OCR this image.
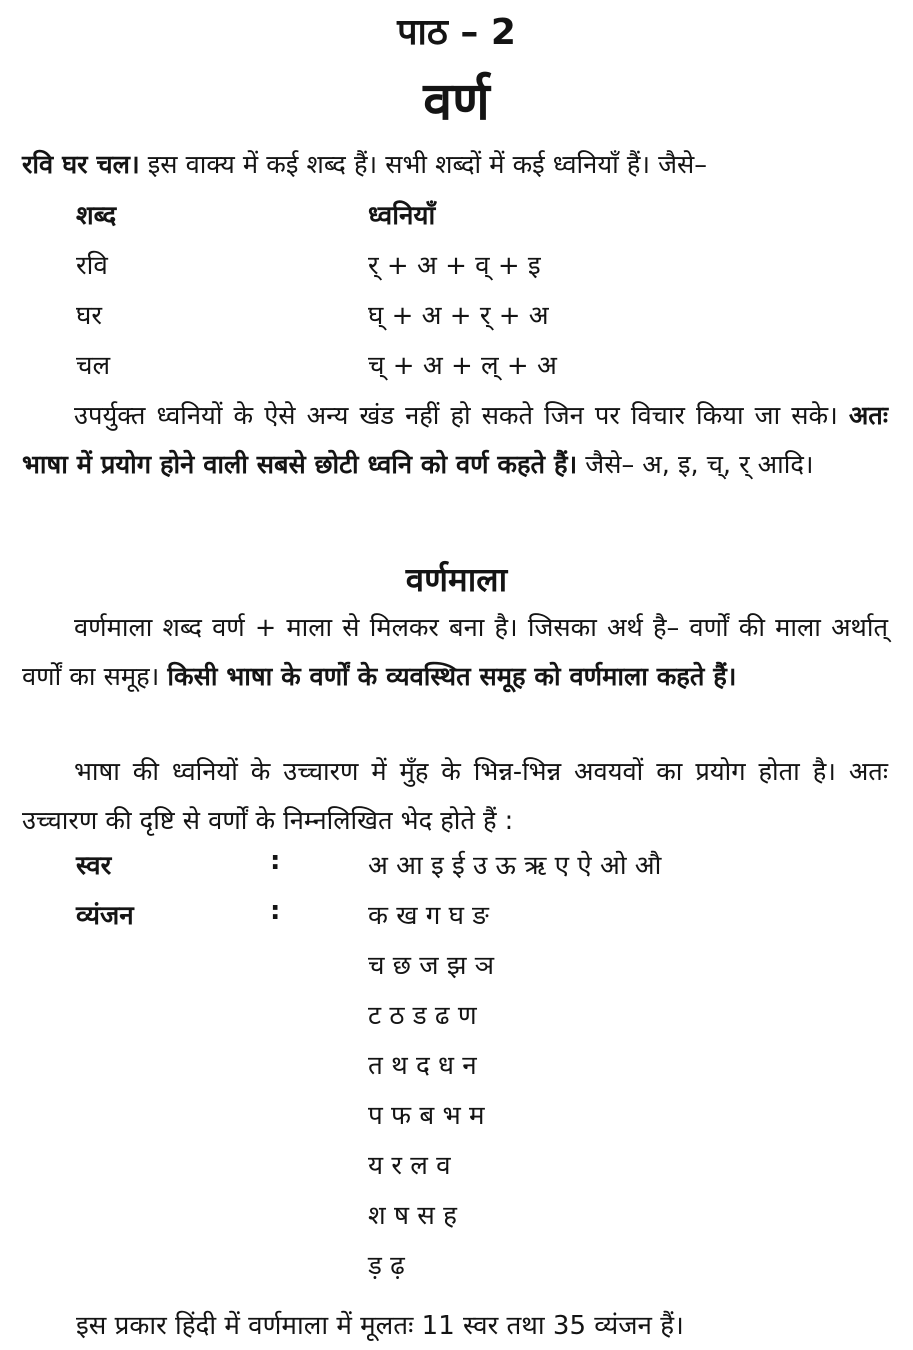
पाठ – 2
वर्ण
रवि घर चल। इस वाक्य में कई शब्द हैं। सभी शब्दों में कई ध्वनियाँ हैं। जैसे–
शब्द	ध्वनियाँ
रवि	र् + अ + व् + इ
घर	घ् + अ + र् + अ
चल	च् + अ + ल् + अ
उपर्युक्त ध्वनियों के ऐसे अन्य खंड नहीं हो सकते जिन पर विचार किया जा सके। अतः भाषा में प्रयोग होने वाली सबसे छोटी ध्वनि को वर्ण कहते हैं। जैसे– अ, इ, च्, र् आदि।
वर्णमाला
वर्णमाला शब्द वर्ण + माला से मिलकर बना है। जिसका अर्थ है– वर्णों की माला अर्थात् वर्णों का समूह। किसी भाषा के वर्णों के व्यवस्थित समूह को वर्णमाला कहते हैं।
भाषा की ध्वनियों के उच्चारण में मुँह के भिन्न-भिन्न अवयवों का प्रयोग होता है। अतः उच्चारण की दृष्टि से वर्णों के निम्नलिखित भेद होते हैं :
स्वर	:	अ आ इ ई उ ऊ ऋ ए ऐ ओ औ
व्यंजन	:	क ख ग घ ङ
च छ ज झ ञ
ट ठ ड ढ ण
त थ द ध न
प फ ब भ म
य र ल व
श ष स ह
ड़ ढ़
इस प्रकार हिंदी में वर्णमाला में मूलतः 11 स्वर तथा 35 व्यंजन हैं।
